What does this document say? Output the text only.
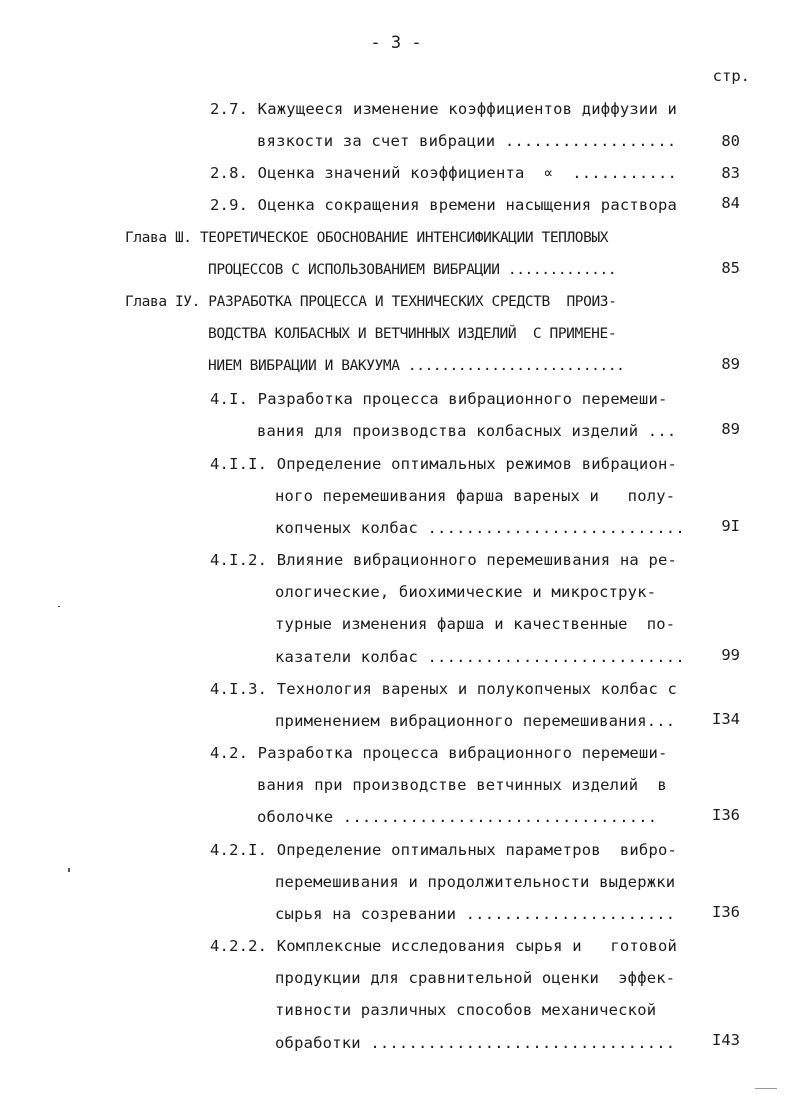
- 3 -
стр.
2.7. Кажущееся изменение коэффициентов диффузии и
вязкости за счет вибрации ..................	80
2.8. Оценка значений коэффициента  ∝  ...........	83
2.9. Оценка сокращения времени насыщения раствора	84
Глава Ш. ТЕОРЕТИЧЕСКОЕ ОБОСНОВАНИЕ ИНТЕНСИФИКАЦИИ ТЕПЛОВЫХ
ПРОЦЕССОВ С ИСПОЛЬЗОВАНИЕМ ВИБРАЦИИ .............	85
Глава IУ. РАЗРАБОТКА ПРОЦЕССА И ТЕХНИЧЕСКИХ СРЕДСТВ  ПРОИЗ-
ВОДСТВА КОЛБАСНЫХ И ВЕТЧИННЫХ ИЗДЕЛИЙ  С ПРИМЕНЕ-
НИЕМ ВИБРАЦИИ И ВАКУУМА ..........................	89
4.I. Разработка процесса вибрационного перемеши-
вания для производства колбасных изделий ...	89
4.I.I. Определение оптимальных режимов вибрацион-
ного перемешивания фарша вареных и   полу-
копченых колбас ...........................	9I
4.I.2. Влияние вибрационного перемешивания на ре-
ологические, биохимические и микрострук-
турные изменения фарша и качественные  по-
казатели колбас ...........................	99
4.I.3. Технология вареных и полукопченых колбас с
применением вибрационного перемешивания...	I34
4.2. Разработка процесса вибрационного перемеши-
вания при производстве ветчинных изделий  в
оболочке .................................	I36
4.2.I. Определение оптимальных параметров  вибро-
перемешивания и продолжительности выдержки
сырья на созревании ......................	I36
4.2.2. Комплексные исследования сырья и   готовой
продукции для сравнительной оценки  эффек-
тивности различных способов механической
обработки ................................	I43
